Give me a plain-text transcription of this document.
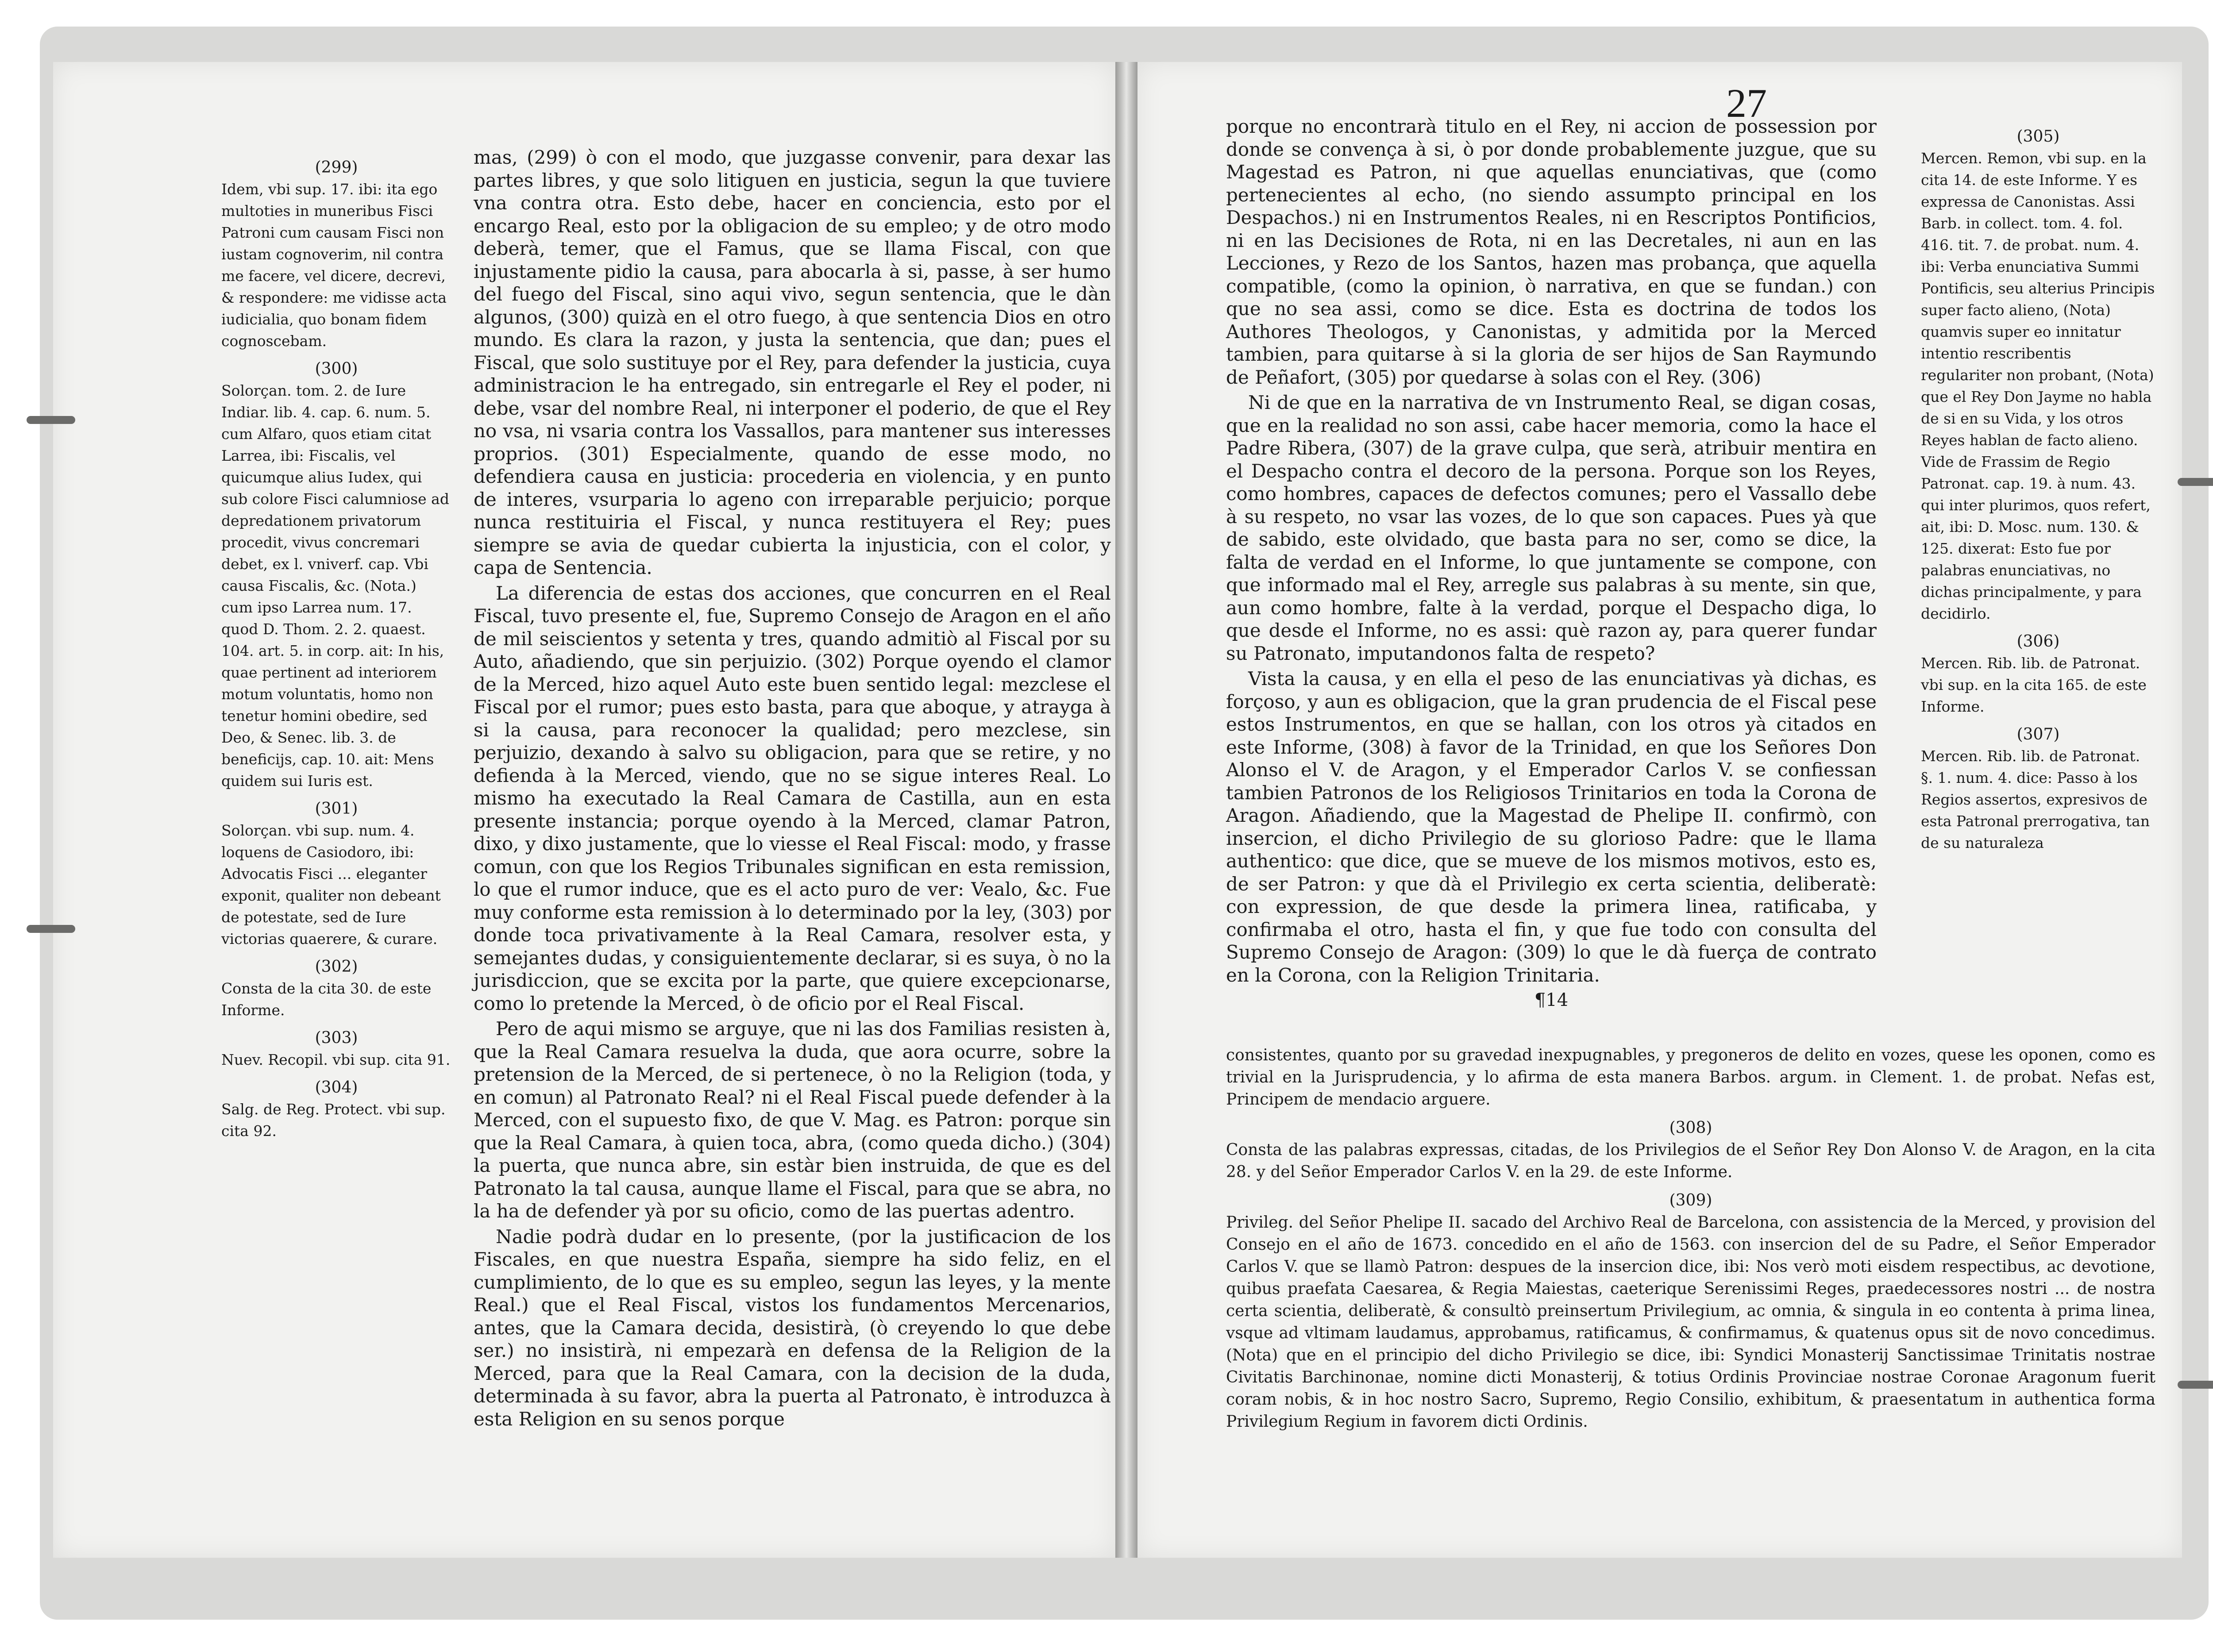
(299)
Idem, vbi sup. 17. ibi: ita ego multoties in muneribus Fisci Patroni cum causam Fisci non iustam cognoverim, nil contra me facere, vel dicere, decrevi, & respondere: me vidisse acta iudicialia, quo bonam fidem cognoscebam.
(300)
Solorçan. tom. 2. de Iure Indiar. lib. 4. cap. 6. num. 5. cum Alfaro, quos etiam citat Larrea, ibi: Fiscalis, vel quicumque alius Iudex, qui sub colore Fisci calumniose ad depredationem privatorum procedit, vivus concremari debet, ex l. vniverf. cap. Vbi causa Fiscalis, &c. (Nota.) cum ipso Larrea num. 17. quod D. Thom. 2. 2. quaest. 104. art. 5. in corp. ait: In his, quae pertinent ad interiorem motum voluntatis, homo non tenetur homini obedire, sed Deo, & Senec. lib. 3. de beneficijs, cap. 10. ait: Mens quidem sui Iuris est.
(301)
Solorçan. vbi sup. num. 4. loquens de Casiodoro, ibi: Advocatis Fisci ... eleganter exponit, qualiter non debeant de potestate, sed de Iure victorias quaerere, & curare.
(302)
Consta de la cita 30. de este Informe.
(303)
Nuev. Recopil. vbi sup. cita 91.
(304)
Salg. de Reg. Protect. vbi sup. cita 92.

mas, (299) ò con el modo, que juzgasse convenir, para dexar las partes libres, y que solo litiguen en justicia, segun la que tuviere vna contra otra. Esto debe, hacer en conciencia, esto por el encargo Real, esto por la obligacion de su empleo; y de otro modo deberà, temer, que el Famus, que se llama Fiscal, con que injustamente pidio la causa, para abocarla à si, passe, à ser humo del fuego del Fiscal, sino aqui vivo, segun sentencia, que le dàn algunos, (300) quizà en el otro fuego, à que sentencia Dios en otro mundo. Es clara la razon, y justa la sentencia, que dan; pues el Fiscal, que solo sustituye por el Rey, para defender la justicia, cuya administracion le ha entregado, sin entregarle el Rey el poder, ni debe, vsar del nombre Real, ni interponer el poderio, de que el Rey no vsa, ni vsaria contra los Vassallos, para mantener sus interesses proprios. (301) Especialmente, quando de esse modo, no defendiera causa en justicia: procederia en violencia, y en punto de interes, vsurparia lo ageno con irreparable perjuicio; porque nunca restituiria el Fiscal, y nunca restituyera el Rey; pues siempre se avia de quedar cubierta la injusticia, con el color, y capa de Sentencia.

La diferencia de estas dos acciones, que concurren en el Real Fiscal, tuvo presente el, fue, Supremo Consejo de Aragon en el año de mil seiscientos y setenta y tres, quando admitiò al Fiscal por su Auto, añadiendo, que sin perjuizio. (302) Porque oyendo el clamor de la Merced, hizo aquel Auto este buen sentido legal: mezclese el Fiscal por el rumor; pues esto basta, para que aboque, y atrayga à si la causa, para reconocer la qualidad; pero mezclese, sin perjuizio, dexando à salvo su obligacion, para que se retire, y no defienda à la Merced, viendo, que no se sigue interes Real. Lo mismo ha executado la Real Camara de Castilla, aun en esta presente instancia; porque oyendo à la Merced, clamar Patron, dixo, y dixo justamente, que lo viesse el Real Fiscal: modo, y frasse comun, con que los Regios Tribunales significan en esta remission, lo que el rumor induce, que es el acto puro de ver: Vealo, &c. Fue muy conforme esta remission à lo determinado por la ley, (303) por donde toca privativamente à la Real Camara, resolver esta, y semejantes dudas, y consiguientemente declarar, si es suya, ò no la jurisdiccion, que se excita por la parte, que quiere excepcionarse, como lo pretende la Merced, ò de oficio por el Real Fiscal.

Pero de aqui mismo se arguye, que ni las dos Familias resisten à, que la Real Camara resuelva la duda, que aora ocurre, sobre la pretension de la Merced, de si pertenece, ò no la Religion (toda, y en comun) al Patronato Real? ni el Real Fiscal puede defender à la Merced, con el supuesto fixo, de que V. Mag. es Patron: porque sin que la Real Camara, à quien toca, abra, (como queda dicho.) (304) la puerta, que nunca abre, sin estàr bien instruida, de que es del Patronato la tal causa, aunque llame el Fiscal, para que se abra, no la ha de defender yà por su oficio, como de las puertas adentro.

Nadie podrà dudar en lo presente, (por la justificacion de los Fiscales, en que nuestra España, siempre ha sido feliz, en el cumplimiento, de lo que es su empleo, segun las leyes, y la mente Real.) que el Real Fiscal, vistos los fundamentos Mercenarios, antes, que la Camara decida, desistirà, (ò creyendo lo que debe ser.) no insistirà, ni empezarà en defensa de la Religion de la Merced, para que la Real Camara, con la decision de la duda, determinada à su favor, abra la puerta al Patronato, è introduzca à esta Religion en su senos porque

27

porque no encontrarà titulo en el Rey, ni accion de possession por donde se convença à si, ò por donde probablemente juzgue, que su Magestad es Patron, ni que aquellas enunciativas, que (como pertenecientes al echo, (no siendo assumpto principal en los Despachos.) ni en Instrumentos Reales, ni en Rescriptos Pontificios, ni en las Decisiones de Rota, ni en las Decretales, ni aun en las Lecciones, y Rezo de los Santos, hazen mas probança, que aquella compatible, (como la opinion, ò narrativa, en que se fundan.) con que no sea assi, como se dice. Esta es doctrina de todos los Authores Theologos, y Canonistas, y admitida por la Merced tambien, para quitarse à si la gloria de ser hijos de San Raymundo de Peñafort, (305) por quedarse à solas con el Rey. (306)

Ni de que en la narrativa de vn Instrumento Real, se digan cosas, que en la realidad no son assi, cabe hacer memoria, como la hace el Padre Ribera, (307) de la grave culpa, que serà, atribuir mentira en el Despacho contra el decoro de la persona. Porque son los Reyes, como hombres, capaces de defectos comunes; pero el Vassallo debe à su respeto, no vsar las vozes, de lo que son capaces. Pues yà que de sabido, este olvidado, que basta para no ser, como se dice, la falta de verdad en el Informe, lo que juntamente se compone, con que informado mal el Rey, arregle sus palabras à su mente, sin que, aun como hombre, falte à la verdad, porque el Despacho diga, lo que desde el Informe, no es assi: què razon ay, para querer fundar su Patronato, imputandonos falta de respeto?

Vista la causa, y en ella el peso de las enunciativas yà dichas, es forçoso, y aun es obligacion, que la gran prudencia de el Fiscal pese estos Instrumentos, en que se hallan, con los otros yà citados en este Informe, (308) à favor de la Trinidad, en que los Señores Don Alonso el V. de Aragon, y el Emperador Carlos V. se confiessan tambien Patronos de los Religiosos Trinitarios en toda la Corona de Aragon. Añadiendo, que la Magestad de Phelipe II. confirmò, con insercion, el dicho Privilegio de su glorioso Padre: que le llama authentico: que dice, que se mueve de los mismos motivos, esto es, de ser Patron: y que dà el Privilegio ex certa scientia, deliberatè: con expression, de que desde la primera linea, ratificaba, y confirmaba el otro, hasta el fin, y que fue todo con consulta del Supremo Consejo de Aragon: (309) lo que le dà fuerça de contrato en la Corona, con la Religion Trinitaria.

¶14
(305)
Mercen. Remon, vbi sup. en la cita 14. de este Informe. Y es expressa de Canonistas. Assi Barb. in collect. tom. 4. fol. 416. tit. 7. de probat. num. 4. ibi: Verba enunciativa Summi Pontificis, seu alterius Principis super facto alieno, (Nota) quamvis super eo innitatur intentio rescribentis regulariter non probant, (Nota) que el Rey Don Jayme no habla de si en su Vida, y los otros Reyes hablan de facto alieno. Vide de Frassim de Regio Patronat. cap. 19. à num. 43. qui inter plurimos, quos refert, ait, ibi: D. Mosc. num. 130. & 125. dixerat: Esto fue por palabras enunciativas, no dichas principalmente, y para decidirlo.
(306)
Mercen. Rib. lib. de Patronat. vbi sup. en la cita 165. de este Informe.
(307)
Mercen. Rib. lib. de Patronat. §. 1. num. 4. dice: Passo à los Regios assertos, expresivos de esta Patronal prerrogativa, tan de su naturaleza
consistentes, quanto por su gravedad inexpugnables, y pregoneros de delito en vozes, quese les oponen, como es trivial en la Jurisprudencia, y lo afirma de esta manera Barbos. argum. in Clement. 1. de probat. Nefas est, Principem de mendacio arguere.
(308)
Consta de las palabras expressas, citadas, de los Privilegios de el Señor Rey Don Alonso V. de Aragon, en la cita 28. y del Señor Emperador Carlos V. en la 29. de este Informe.
(309)
Privileg. del Señor Phelipe II. sacado del Archivo Real de Barcelona, con assistencia de la Merced, y provision del Consejo en el año de 1673. concedido en el año de 1563. con insercion del de su Padre, el Señor Emperador Carlos V. que se llamò Patron: despues de la insercion dice, ibi: Nos verò moti eisdem respectibus, ac devotione, quibus praefata Caesarea, & Regia Maiestas, caeterique Serenissimi Reges, praedecessores nostri ... de nostra certa scientia, deliberatè, & consultò preinsertum Privilegium, ac omnia, & singula in eo contenta à prima linea, vsque ad vltimam laudamus, approbamus, ratificamus, & confirmamus, & quatenus opus sit de novo concedimus. (Nota) que en el principio del dicho Privilegio se dice, ibi: Syndici Monasterij Sanctissimae Trinitatis nostrae Civitatis Barchinonae, nomine dicti Monasterij, & totius Ordinis Provinciae nostrae Coronae Aragonum fuerit coram nobis, & in hoc nostro Sacro, Supremo, Regio Consilio, exhibitum, & praesentatum in authentica forma Privilegium Regium in favorem dicti Ordinis.
